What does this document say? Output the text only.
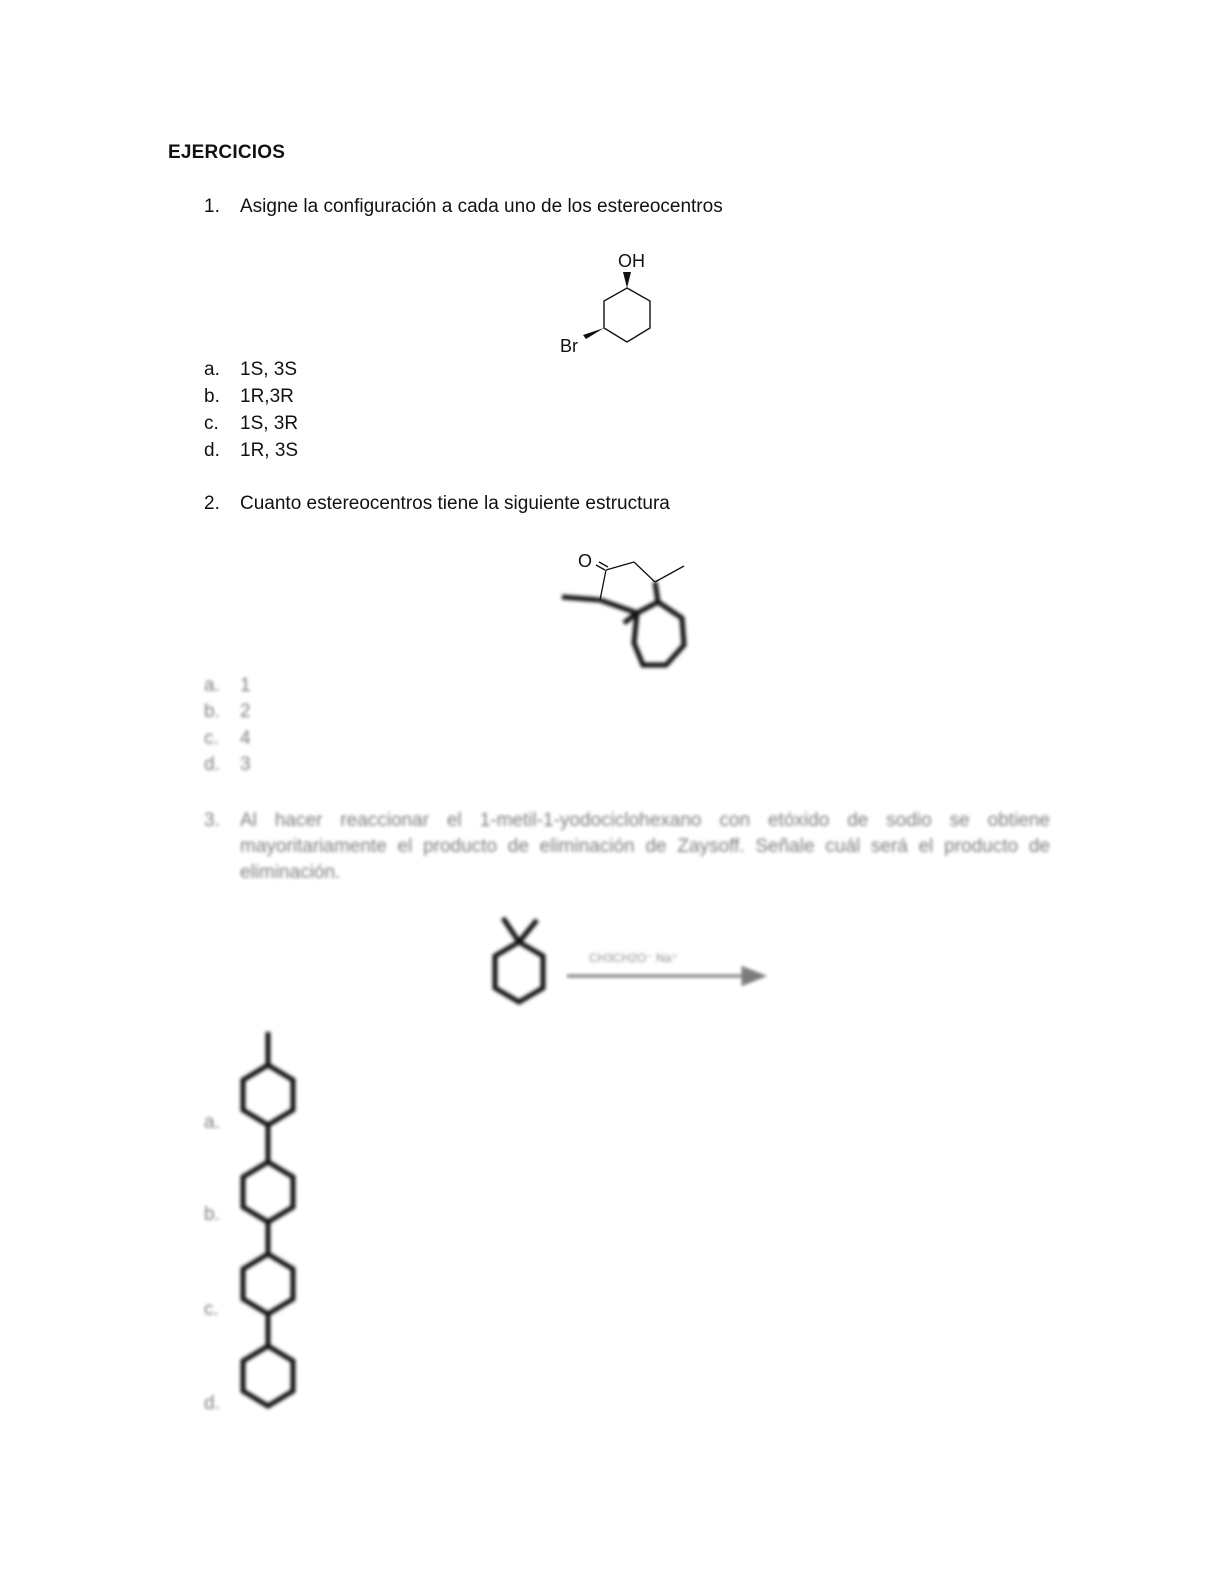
EJERCICIOS
1. Asigne la configuración a cada uno de los estereocentros
OH
Br
a. 1S, 3S
b. 1R,3R
c. 1S, 3R
d. 1R, 3S
2. Cuanto estereocentros tiene la siguiente estructura
O
a. 1
b. 2
c. 4
d. 3
3. Al hacer reaccionar el 1-metil-1-yodociclohexano con etóxido de sodio se obtiene mayoritariamente el producto de eliminación de Zaysoff. Señale cuál será el producto de eliminación.
CH3CH2O⁻ Na⁺
a.
b.
c.
d.
